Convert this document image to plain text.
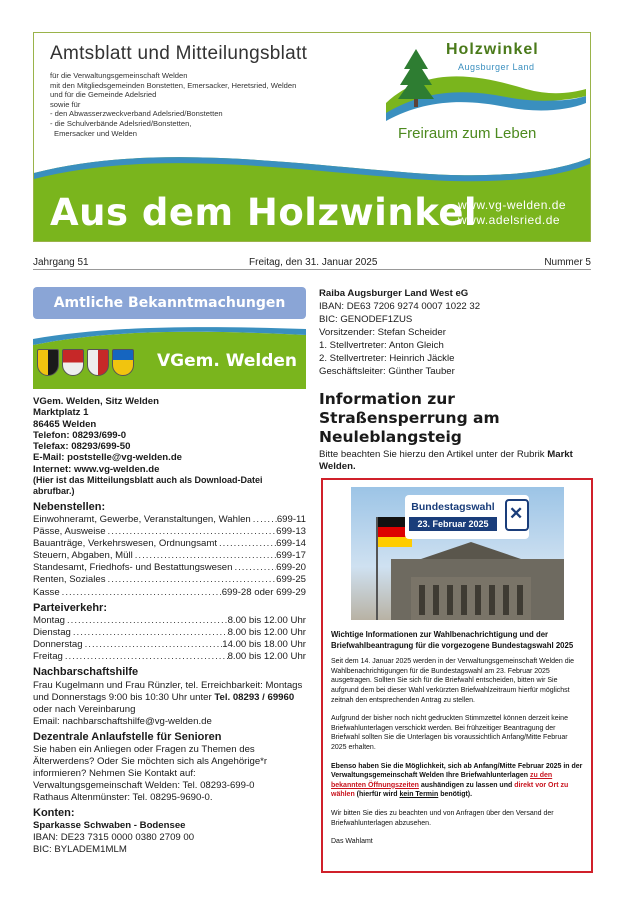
Amtsblatt und Mitteilungsblatt
für die Verwaltungsgemeinschaft Welden
mit den Mitgliedsgemeinden Bonstetten, Emersacker, Heretsried, Welden
und für die Gemeinde Adelsried
sowie für
- den Abwasserzweckverband Adelsried/Bonstetten
- die Schulverbände Adelsried/Bonstetten,
Emersacker und Welden
Holzwinkel
Augsburger Land
Freiraum zum Leben
Aus dem Holzwinkel
www.vg-welden.de
www.adelsried.de
Jahrgang 51	Freitag, den 31. Januar 2025	Nummer 5
Amtliche Bekanntmachungen
VGem. Welden
VGem. Welden, Sitz Welden
Marktplatz 1
86465 Welden
Telefon: 08293/699-0
Telefax: 08293/699-50
E-Mail: poststelle@vg-welden.de
Internet: www.vg-welden.de
(Hier ist das Mitteilungsblatt auch als Download-Datei abrufbar.)
Nebenstellen:
Einwohneramt, Gewerbe, Veranstaltungen, Wahlen .....	699-11
Pässe, Ausweise .....	699-13
Bauanträge, Verkehrswesen, Ordnungsamt .....	699-14
Steuern, Abgaben, Müll .....	699-17
Standesamt, Friedhofs- und Bestattungswesen .....	699-20
Renten, Soziales .....	699-25
Kasse .....	699-28 oder 699-29
Parteiverkehr:
Montag .....	8.00 bis 12.00 Uhr
Dienstag .....	8.00 bis 12.00 Uhr
Donnerstag .....	14.00 bis 18.00 Uhr
Freitag .....	8.00 bis 12.00 Uhr
Nachbarschaftshilfe
Frau Kugelmann und Frau Rünzler, tel. Erreichbarkeit: Montags und Donnerstags 9:00 bis 10:30 Uhr unter Tel. 08293 / 69960
oder nach Vereinbarung
Email: nachbarschaftshilfe@vg-welden.de
Dezentrale Anlaufstelle für Senioren
Sie haben ein Anliegen oder Fragen zu Themen des Älterwerdens? Oder Sie möchten sich als Angehörige*r informieren? Nehmen Sie Kontakt auf:
Verwaltungsgemeinschaft Welden: Tel. 08293-699-0
Rathaus Altenmünster: Tel. 08295-9690-0.
Konten:
Sparkasse Schwaben - Bodensee
IBAN: DE23 7315 0000 0380 2709 00
BIC: BYLADEM1MLM
Raiba Augsburger Land West eG
IBAN: DE63 7206 9274 0007 1022 32
BIC: GENODEF1ZUS
Vorsitzender: Stefan Scheider
1. Stellvertreter: Anton Gleich
2. Stellvertreter: Heinrich Jäckle
Geschäftsleiter: Günther Tauber
Information zur Straßensperrung am Neuleblangsteig
Bitte beachten Sie hierzu den Artikel unter der Rubrik Markt Welden.
Bundestagswahl
23. Februar 2025
✕
Wichtige Informationen zur Wahlbenachrichtigung und der Briefwahlbeantragung für die vorgezogene Bundestagswahl 2025
Seit dem 14. Januar 2025 werden in der Verwaltungsgemeinschaft Welden die Wahlbenachrichtigungen für die Bundestagswahl am 23. Februar 2025 ausgetragen. Sollten Sie sich für die Briefwahl entscheiden, bitten wir Sie aufgrund dem bei dieser Wahl verkürzten Briefwahlzeitraum hierfür möglichst zeitnah den entsprechenden Antrag zu stellen.
Aufgrund der bisher noch nicht gedruckten Stimmzettel können derzeit keine Briefwahlunterlagen verschickt werden. Bei frühzeitiger Beantragung der Briefwahl sollten Sie die Unterlagen bis voraussichtlich Anfang/Mitte Februar 2025 erhalten.
Ebenso haben Sie die Möglichkeit, sich ab Anfang/Mitte Februar 2025 in der Verwaltungsgemeinschaft Welden Ihre Briefwahlunterlagen zu den bekannten Öffnungszeiten aushändigen zu lassen und direkt vor Ort zu wählen (hierfür wird kein Termin benötigt).
Wir bitten Sie dies zu beachten und von Anfragen über den Versand der Briefwahlunterlagen abzusehen.
Das Wahlamt
